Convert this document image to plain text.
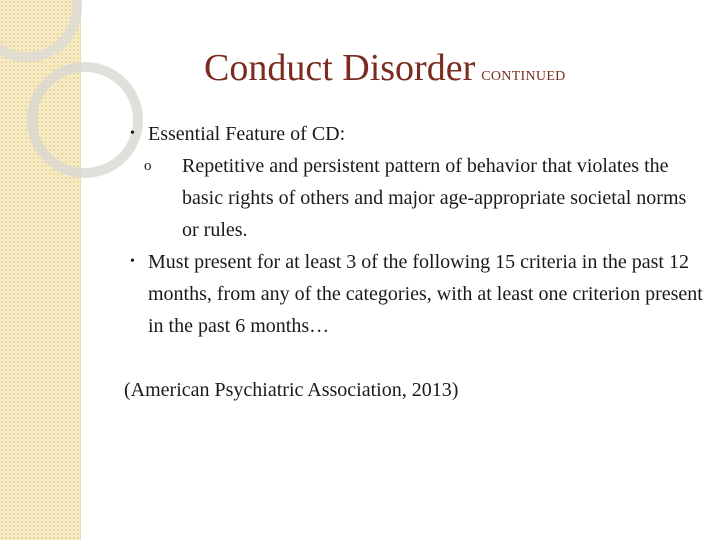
Conduct Disorder CONTINUED
• Essential Feature of CD:
o Repetitive and persistent pattern of behavior that violates the basic rights of others and major age-appropriate societal norms or rules.
• Must present for at least 3 of the following 15 criteria in the past 12 months, from any of the categories, with at least one criterion present in the past 6 months…
(American Psychiatric Association, 2013)
